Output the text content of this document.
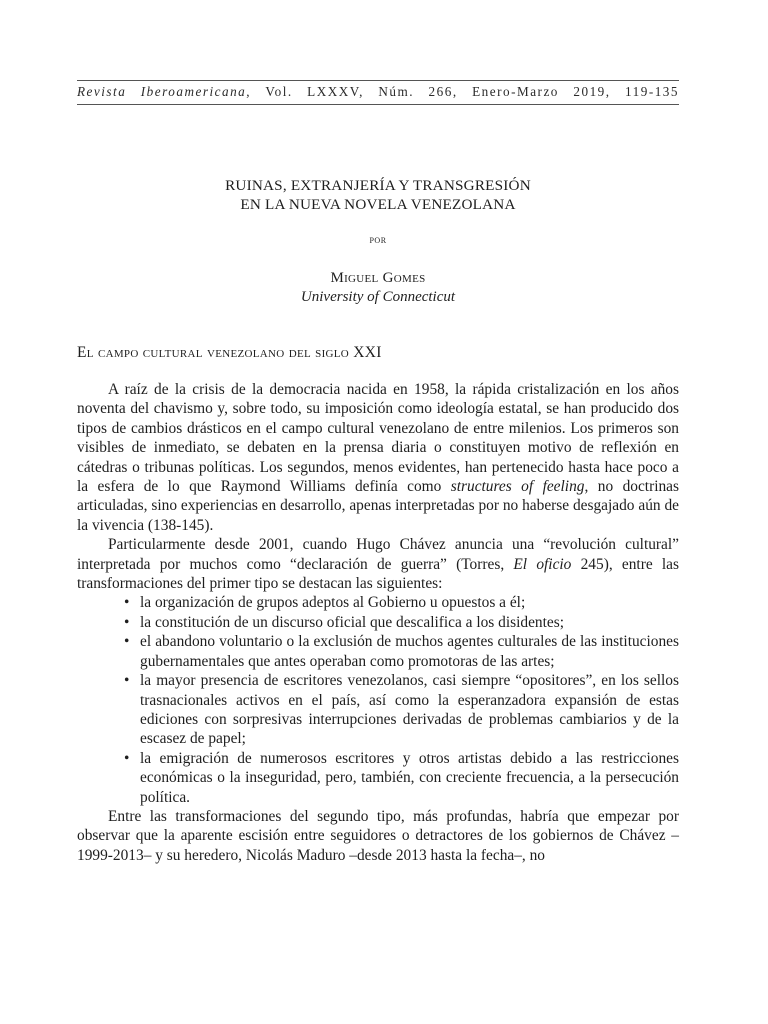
Revista Iberoamericana, Vol. LXXXV, Núm. 266, Enero-Marzo 2019, 119-135
RUINAS, EXTRANJERÍA Y TRANSGRESIÓN
EN LA NUEVA NOVELA VENEZOLANA
por
Miguel Gomes
University of Connecticut
El campo cultural venezolano del siglo XXI

A raíz de la crisis de la democracia nacida en 1958, la rápida cristalización en los años noventa del chavismo y, sobre todo, su imposición como ideología estatal, se han producido dos tipos de cambios drásticos en el campo cultural venezolano de entre milenios. Los primeros son visibles de inmediato, se debaten en la prensa diaria o constituyen motivo de reflexión en cátedras o tribunas políticas. Los segundos, menos evidentes, han pertenecido hasta hace poco a la esfera de lo que Raymond Williams definía como structures of feeling, no doctrinas articuladas, sino experiencias en desarrollo, apenas interpretadas por no haberse desgajado aún de la vivencia (138-145).

Particularmente desde 2001, cuando Hugo Chávez anuncia una “revolución cultural” interpretada por muchos como “declaración de guerra” (Torres, El oficio 245), entre las transformaciones del primer tipo se destacan las siguientes:

• la organización de grupos adeptos al Gobierno u opuestos a él;
• la constitución de un discurso oficial que descalifica a los disidentes;
• el abandono voluntario o la exclusión de muchos agentes culturales de las instituciones gubernamentales que antes operaban como promotoras de las artes;
• la mayor presencia de escritores venezolanos, casi siempre “opositores”, en los sellos trasnacionales activos en el país, así como la esperanzadora expansión de estas ediciones con sorpresivas interrupciones derivadas de problemas cambiarios y de la escasez de papel;
• la emigración de numerosos escritores y otros artistas debido a las restricciones económicas o la inseguridad, pero, también, con creciente frecuencia, a la persecución política.

Entre las transformaciones del segundo tipo, más profundas, habría que empezar por observar que la aparente escisión entre seguidores o detractores de los gobiernos de Chávez –1999-2013– y su heredero, Nicolás Maduro –desde 2013 hasta la fecha–, no
